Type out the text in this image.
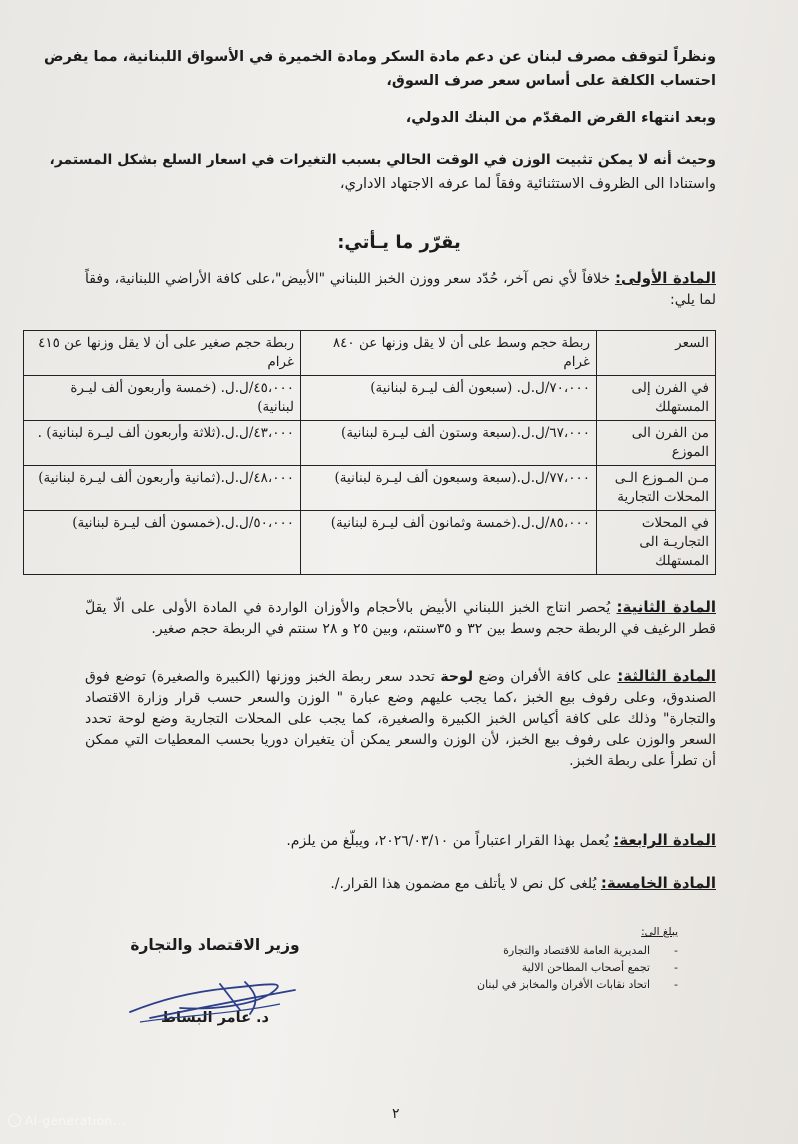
ونظراً لتوقف مصرف لبنان عن دعم مادة السكر ومادة الخميرة في الأسواق اللبنانية، مما يفرض
احتساب الكلفة على أساس سعر صرف السوق،
وبعد انتهاء القرض المقدّم من البنك الدولي،
وحيث أنه لا يمكن تثبيت الوزن في الوقت الحالي بسبب التغيرات في اسعار السلع بشكل المستمر،
واستنادا الى الظروف الاستثنائية وفقاً لما عرفه الاجتهاد الاداري،
يقرّر ما يـأتي:
المادة الأولى: خلافاً لأي نص آخر، حُدّد سعر ووزن الخبز اللبناني "الأبيض"،على كافة الأراضي اللبنانية، وفقاً لما يلي:
السعر	ربطة حجم وسط على أن لا يقل وزنها عن ٨٤٠ غرام	ربطة حجم صغير على أن لا يقل وزنها عن ٤١٥ غرام
في الفرن إلى المستهلك	٧٠،٠٠٠/ل.ل. (سبعون ألف ليـرة لبنانية)	٤٥،٠٠٠/ل.ل. (خمسة وأربعون ألف ليـرة لبنانية)
من الفرن الى الموزع	٦٧،٠٠٠/ل.ل.(سبعة وستون ألف ليـرة لبنانية)	٤٣،٠٠٠/ل.ل.(ثلاثة وأربعون ألف ليـرة لبنانية) .
مـن المـوزع الـى المحلات التجارية	٧٧،٠٠٠/ل.ل.(سبعة وسبعون ألف ليـرة لبنانية)	٤٨،٠٠٠/ل.ل.(ثمانية وأربعون ألف ليـرة لبنانية)
في المحلات التجاريـة الى المستهلك	٨٥،٠٠٠/ل.ل.(خمسة وثمانون ألف ليـرة لبنانية)	٥٠،٠٠٠/ل.ل.(خمسون ألف ليـرة لبنانية)
المادة الثانية: يُحصر انتاج الخبز اللبناني الأبيض بالأحجام والأوزان الواردة في المادة الأولى على الّا يقلّ قطر الرغيف في الربطة حجم وسط بين ٣٢ و ٣٥سنتم، وبين ٢٥ و ٢٨ سنتم في الربطة حجم صغير.
المادة الثالثة: على كافة الأفران وضع لوحة تحدد سعر ربطة الخبز ووزنها (الكبيرة والصغيرة) توضع فوق الصندوق، وعلى رفوف بيع الخبز ،كما يجب عليهم وضع عبارة " الوزن والسعر حسب قرار وزارة الاقتصاد والتجارة" وذلك على كافة أكياس الخبز الكبيرة والصغيرة، كما يجب على المحلات التجارية وضع لوحة تحدد السعر والوزن على رفوف بيع الخبز، لأن الوزن والسعر يمكن أن يتغيران دوريا بحسب المعطيات التي ممكن أن تطرأ على ربطة الخبز.
المادة الرابعة: يُعمل بهذا القرار اعتباراً من ٢٠٢٦/٠٣/١٠، ويبلّغ من يلزم.
المادة الخامسة: يُلغى كل نص لا يأتلف مع مضمون هذا القرار./.
يبلغ الى:
-
المديرية العامة للاقتصاد والتجارة
-
تجمع أصحاب المطاحن الالية
-
اتحاد نقابات الأفران والمخابز في لبنان
وزير الاقتصاد والتجارة
د. عامر البساط
٢
Al-generation...
